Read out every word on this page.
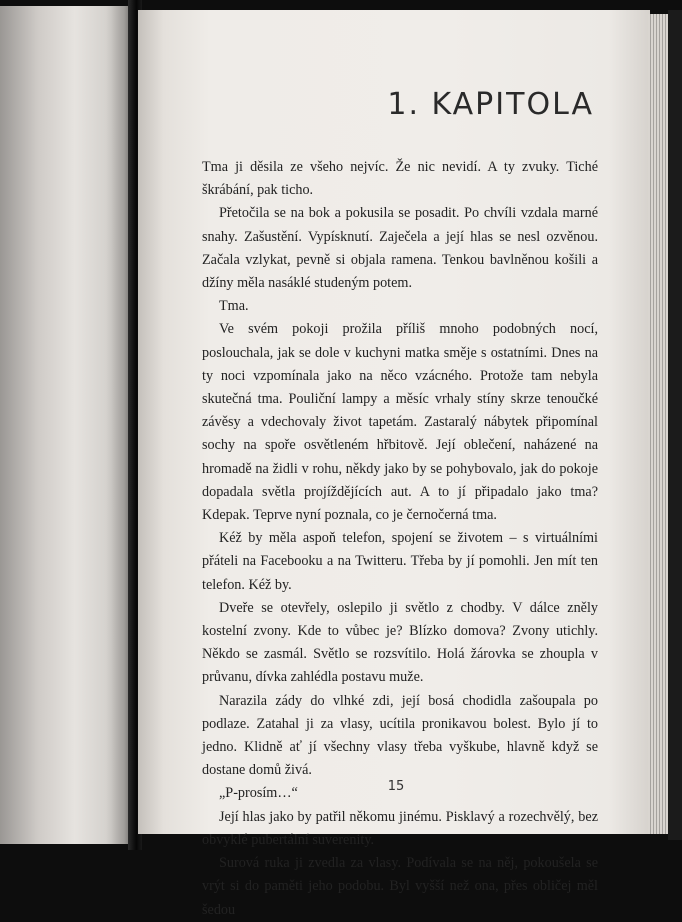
1. KAPITOLA

Tma ji děsila ze všeho nejvíc. Že nic nevidí. A ty zvuky. Tiché škrábání, pak ticho.

Přetočila se na bok a pokusila se posadit. Po chvíli vzdala marné snahy. Zašustění. Vypísknutí. Zaječela a její hlas se nesl ozvěnou. Začala vzlykat, pevně si objala ramena. Tenkou bavlněnou košili a džíny měla nasáklé studeným potem.

Tma.

Ve svém pokoji prožila příliš mnoho podobných nocí, poslouchala, jak se dole v kuchyni matka směje s ostatními. Dnes na ty noci vzpomínala jako na něco vzácného. Protože tam nebyla skutečná tma. Pouliční lampy a měsíc vrhaly stíny skrze tenoučké závěsy a vdechovaly život tapetám. Zastaralý nábytek připomínal sochy na spoře osvětleném hřbitově. Její oblečení, naházené na hromadě na židli v rohu, někdy jako by se pohybovalo, jak do pokoje dopadala světla projíždějících aut. A to jí připadalo jako tma? Kdepak. Teprve nyní poznala, co je černočerná tma.

Kéž by měla aspoň telefon, spojení se životem – s virtuálními přáteli na Facebooku a na Twitteru. Třeba by jí pomohli. Jen mít ten telefon. Kéž by.

Dveře se otevřely, oslepilo ji světlo z chodby. V dálce zněly kostelní zvony. Kde to vůbec je? Blízko domova? Zvony utichly. Někdo se zasmál. Světlo se rozsvítilo. Holá žárovka se zhoupla v průvanu, dívka zahlédla postavu muže.

Narazila zády do vlhké zdi, její bosá chodidla zašoupala po podlaze. Zatahal ji za vlasy, ucítila pronikavou bolest. Bylo jí to jedno. Klidně ať jí všechny vlasy třeba vyškube, hlavně když se dostane domů živá.

„P-prosím…“

Její hlas jako by patřil někomu jinému. Pisklavý a rozechvělý, bez obvyklé pubertální suverenity.

Surová ruka ji zvedla za vlasy. Podívala se na něj, pokoušela se vrýt si do paměti jeho podobu. Byl vyšší než ona, přes obličej měl šedou

15
